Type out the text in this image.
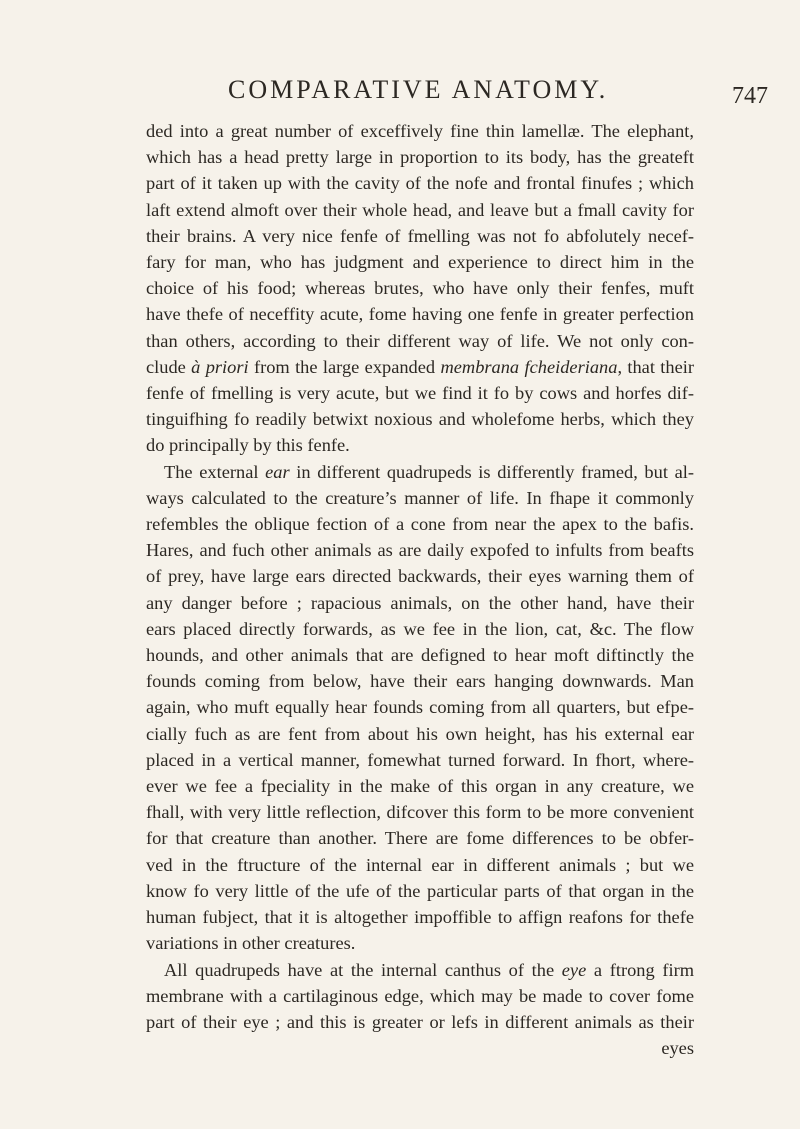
COMPARATIVE ANATOMY.	747
ded into a great number of exceffively fine thin lamellæ. The elephant,
which has a head pretty large in proportion to its body, has the greateft
part of it taken up with the cavity of the nofe and frontal finufes ; which
laft extend almoft over their whole head, and leave but a fmall cavity for
their brains. A very nice fenfe of fmelling was not fo abfolutely necef-
fary for man, who has judgment and experience to direct him in the
choice of his food; whereas brutes, who have only their fenfes, muft
have thefe of neceffity acute, fome having one fenfe in greater perfection
than others, according to their different way of life. We not only con-
clude à priori from the large expanded membrana fcheideriana, that their
fenfe of fmelling is very acute, but we find it fo by cows and horfes dif-
tinguifhing fo readily betwixt noxious and wholefome herbs, which they
do principally by this fenfe.
The external ear in different quadrupeds is differently framed, but al-
ways calculated to the creature’s manner of life. In fhape it commonly
refembles the oblique fection of a cone from near the apex to the bafis.
Hares, and fuch other animals as are daily expofed to infults from beafts
of prey, have large ears directed backwards, their eyes warning them of
any danger before ; rapacious animals, on the other hand, have their
ears placed directly forwards, as we fee in the lion, cat, &c. The flow
hounds, and other animals that are defigned to hear moft diftinctly the
founds coming from below, have their ears hanging downwards. Man
again, who muft equally hear founds coming from all quarters, but efpe-
cially fuch as are fent from about his own height, has his external ear
placed in a vertical manner, fomewhat turned forward. In fhort, where-
ever we fee a fpeciality in the make of this organ in any creature, we
fhall, with very little reflection, difcover this form to be more convenient
for that creature than another. There are fome differences to be obfer-
ved in the ftructure of the internal ear in different animals ; but we
know fo very little of the ufe of the particular parts of that organ in the
human fubject, that it is altogether impoffible to affign reafons for thefe
variations in other creatures.
All quadrupeds have at the internal canthus of the eye a ftrong firm
membrane with a cartilaginous edge, which may be made to cover fome
part of their eye ; and this is greater or lefs in different animals as their
eyes
